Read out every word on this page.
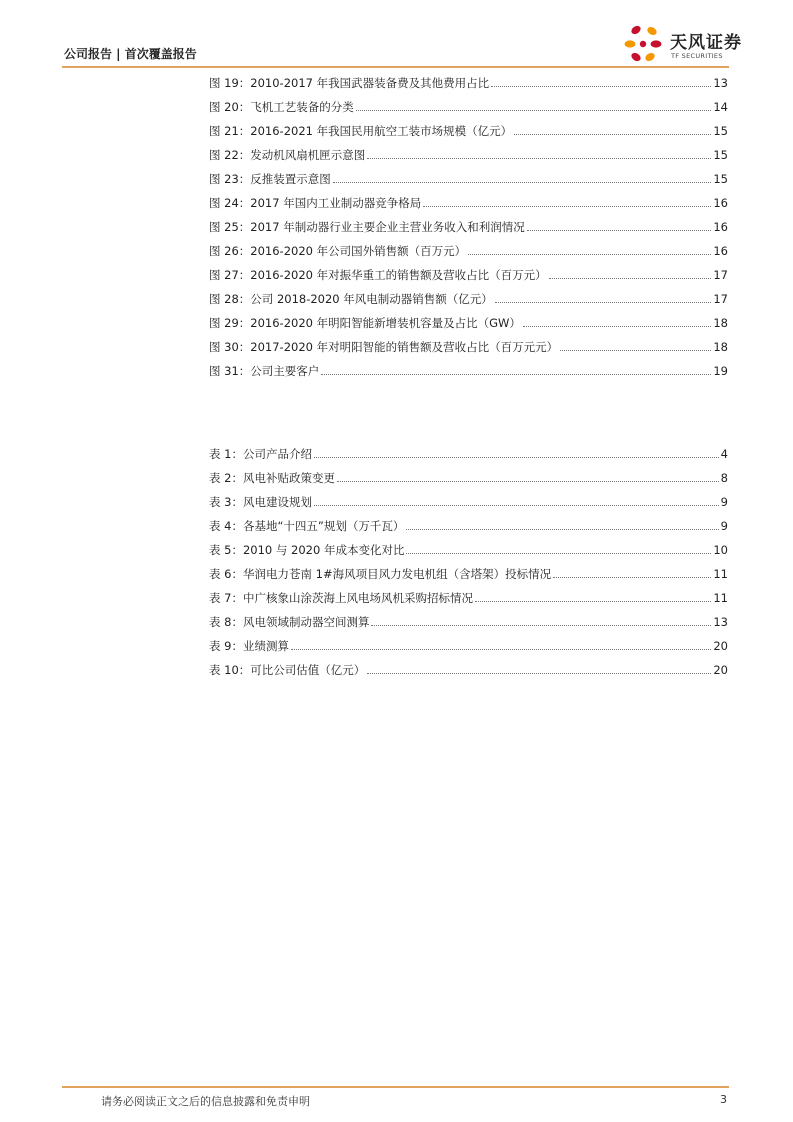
公司报告 | 首次覆盖报告
天风证券
TF SECURITIES
图 19：2010-2017 年我国武器装备费及其他费用占比	13
图 20：飞机工艺装备的分类	14
图 21：2016-2021 年我国民用航空工装市场规模（亿元）	15
图 22：发动机风扇机匣示意图	15
图 23：反推装置示意图	15
图 24：2017 年国内工业制动器竞争格局	16
图 25：2017 年制动器行业主要企业主营业务收入和利润情况	16
图 26：2016-2020 年公司国外销售额（百万元）	16
图 27：2016-2020 年对振华重工的销售额及营收占比（百万元）	17
图 28：公司 2018-2020 年风电制动器销售额（亿元）	17
图 29：2016-2020 年明阳智能新增装机容量及占比（GW）	18
图 30：2017-2020 年对明阳智能的销售额及营收占比（百万元元）	18
图 31：公司主要客户	19
表 1：公司产品介绍	4
表 2：风电补贴政策变更	8
表 3：风电建设规划	9
表 4：各基地“十四五”规划（万千瓦）	9
表 5：2010 与 2020 年成本变化对比	10
表 6：华润电力苍南 1#海风项目风力发电机组（含塔架）投标情况	11
表 7：中广核象山涂茨海上风电场风机采购招标情况	11
表 8：风电领域制动器空间测算	13
表 9：业绩测算	20
表 10：可比公司估值（亿元）	20
请务必阅读正文之后的信息披露和免责申明	3
